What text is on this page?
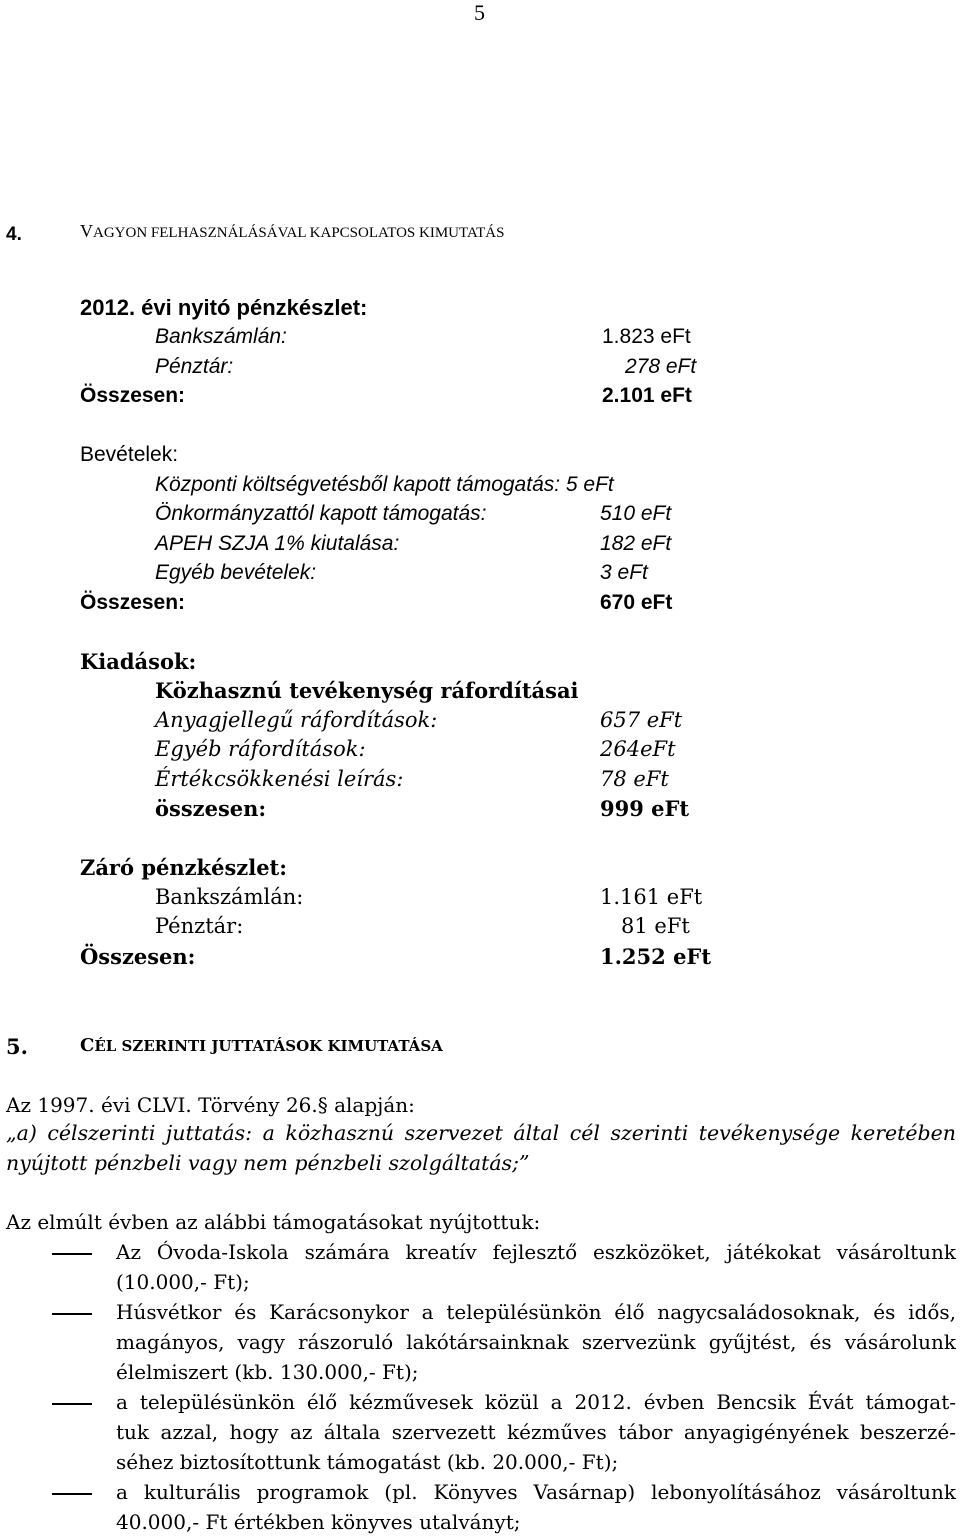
5
4.	VAGYON FELHASZNÁLÁSÁVAL KAPCSOLATOS KIMUTATÁS
2012. évi nyitó pénzkészlet:
Bankszámlán:	1.823 eFt
Pénztár:	278 eFt
Összesen:	2.101 eFt
Bevételek:
Központi költségvetésből kapott támogatás: 5 eFt
Önkormányzattól kapott támogatás:	510 eFt
APEH SZJA 1% kiutalása:	182 eFt
Egyéb bevételek:	3 eFt
Összesen:	670 eFt
Kiadások:
Közhasznú tevékenység ráfordításai
Anyagjellegű ráfordítások:	657 eFt
Egyéb ráfordítások:	264eFt
Értékcsökkenési leírás:	78 eFt
összesen:	999 eFt
Záró pénzkészlet:
Bankszámlán:	1.161 eFt
Pénztár:	81 eFt
Összesen:	1.252 eFt
5.	CÉL SZERINTI JUTTATÁSOK KIMUTATÁSA
Az 1997. évi CLVI. Törvény 26.§ alapján:
„a) célszerinti juttatás: a közhasznú szervezet által cél szerinti tevékenysége keretében
nyújtott pénzbeli vagy nem pénzbeli szolgáltatás;”
Az elmúlt évben az alábbi támogatásokat nyújtottuk:
Az Óvoda-Iskola számára kreatív fejlesztő eszközöket, játékokat vásároltunk
(10.000,- Ft);
Húsvétkor és Karácsonykor a településünkön élő nagycsaládosoknak, és idős,
magányos, vagy rászoruló lakótársainknak szervezünk gyűjtést, és vásárolunk
élelmiszert (kb. 130.000,- Ft);
a településünkön élő kézművesek közül a 2012. évben Bencsik Évát támogat-
tuk azzal, hogy az általa szervezett kézműves tábor anyagigényének beszerzé-
séhez biztosítottunk támogatást (kb. 20.000,- Ft);
a kulturális programok (pl. Könyves Vasárnap) lebonyolításához vásároltunk
40.000,- Ft értékben könyves utalványt;
